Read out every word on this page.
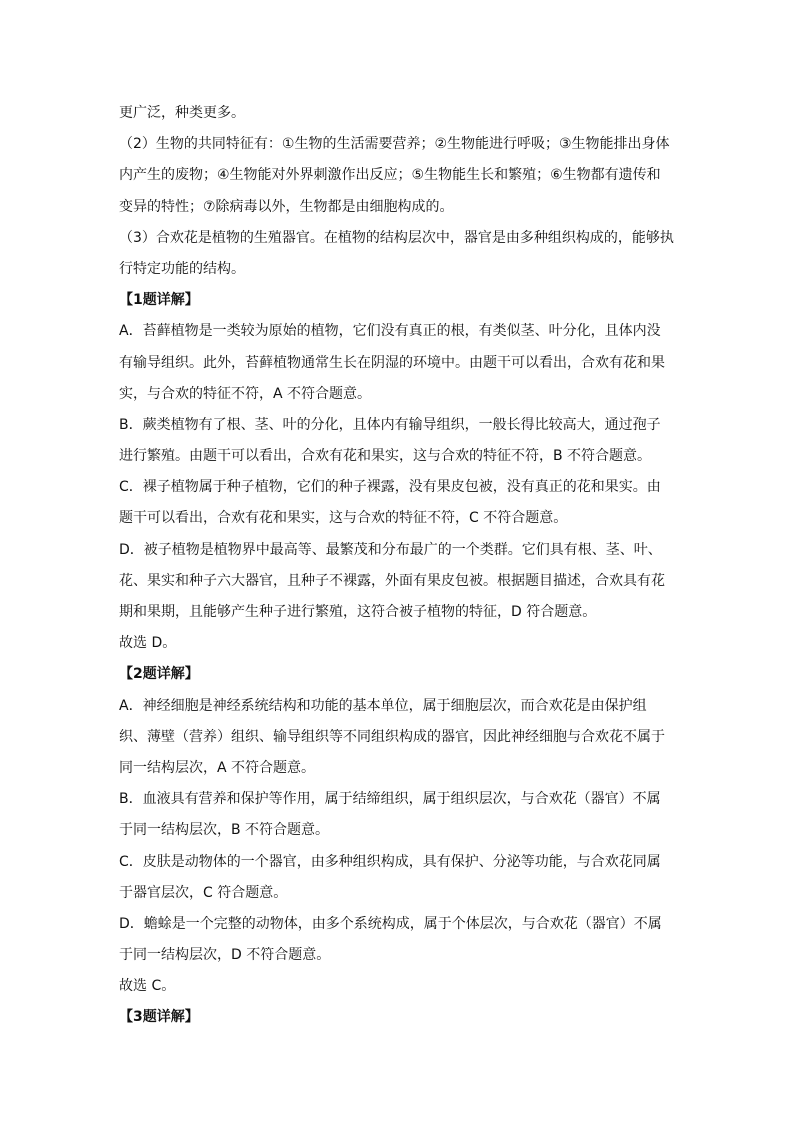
更广泛，种类更多。
（2）生物的共同特征有：①生物的生活需要营养；②生物能进行呼吸；③生物能排出身体
内产生的废物；④生物能对外界刺激作出反应；⑤生物能生长和繁殖；⑥生物都有遗传和
变异的特性；⑦除病毒以外，生物都是由细胞构成的。
（3）合欢花是植物的生殖器官。在植物的结构层次中，器官是由多种组织构成的，能够执
行特定功能的结构。
【1题详解】
A．苔藓植物是一类较为原始的植物，它们没有真正的根，有类似茎、叶分化，且体内没
有输导组织。此外，苔藓植物通常生长在阴湿的环境中。由题干可以看出，合欢有花和果
实，与合欢的特征不符，A 不符合题意。
B．蕨类植物有了根、茎、叶的分化，且体内有输导组织，一般长得比较高大，通过孢子
进行繁殖。由题干可以看出，合欢有花和果实，这与合欢的特征不符，B 不符合题意。
C．裸子植物属于种子植物，它们的种子裸露，没有果皮包被，没有真正的花和果实。由
题干可以看出，合欢有花和果实，这与合欢的特征不符，C 不符合题意。
D．被子植物是植物界中最高等、最繁茂和分布最广的一个类群。它们具有根、茎、叶、
花、果实和种子六大器官，且种子不裸露，外面有果皮包被。根据题目描述，合欢具有花
期和果期，且能够产生种子进行繁殖，这符合被子植物的特征，D 符合题意。
故选 D。
【2题详解】
A．神经细胞是神经系统结构和功能的基本单位，属于细胞层次，而合欢花是由保护组
织、薄壁（营养）组织、输导组织等不同组织构成的器官，因此神经细胞与合欢花不属于
同一结构层次，A 不符合题意。
B．血液具有营养和保护等作用，属于结缔组织，属于组织层次，与合欢花（器官）不属
于同一结构层次，B 不符合题意。
C．皮肤是动物体的一个器官，由多种组织构成，具有保护、分泌等功能，与合欢花同属
于器官层次，C 符合题意。
D．蟾蜍是一个完整的动物体，由多个系统构成，属于个体层次，与合欢花（器官）不属
于同一结构层次，D 不符合题意。
故选 C。
【3题详解】
